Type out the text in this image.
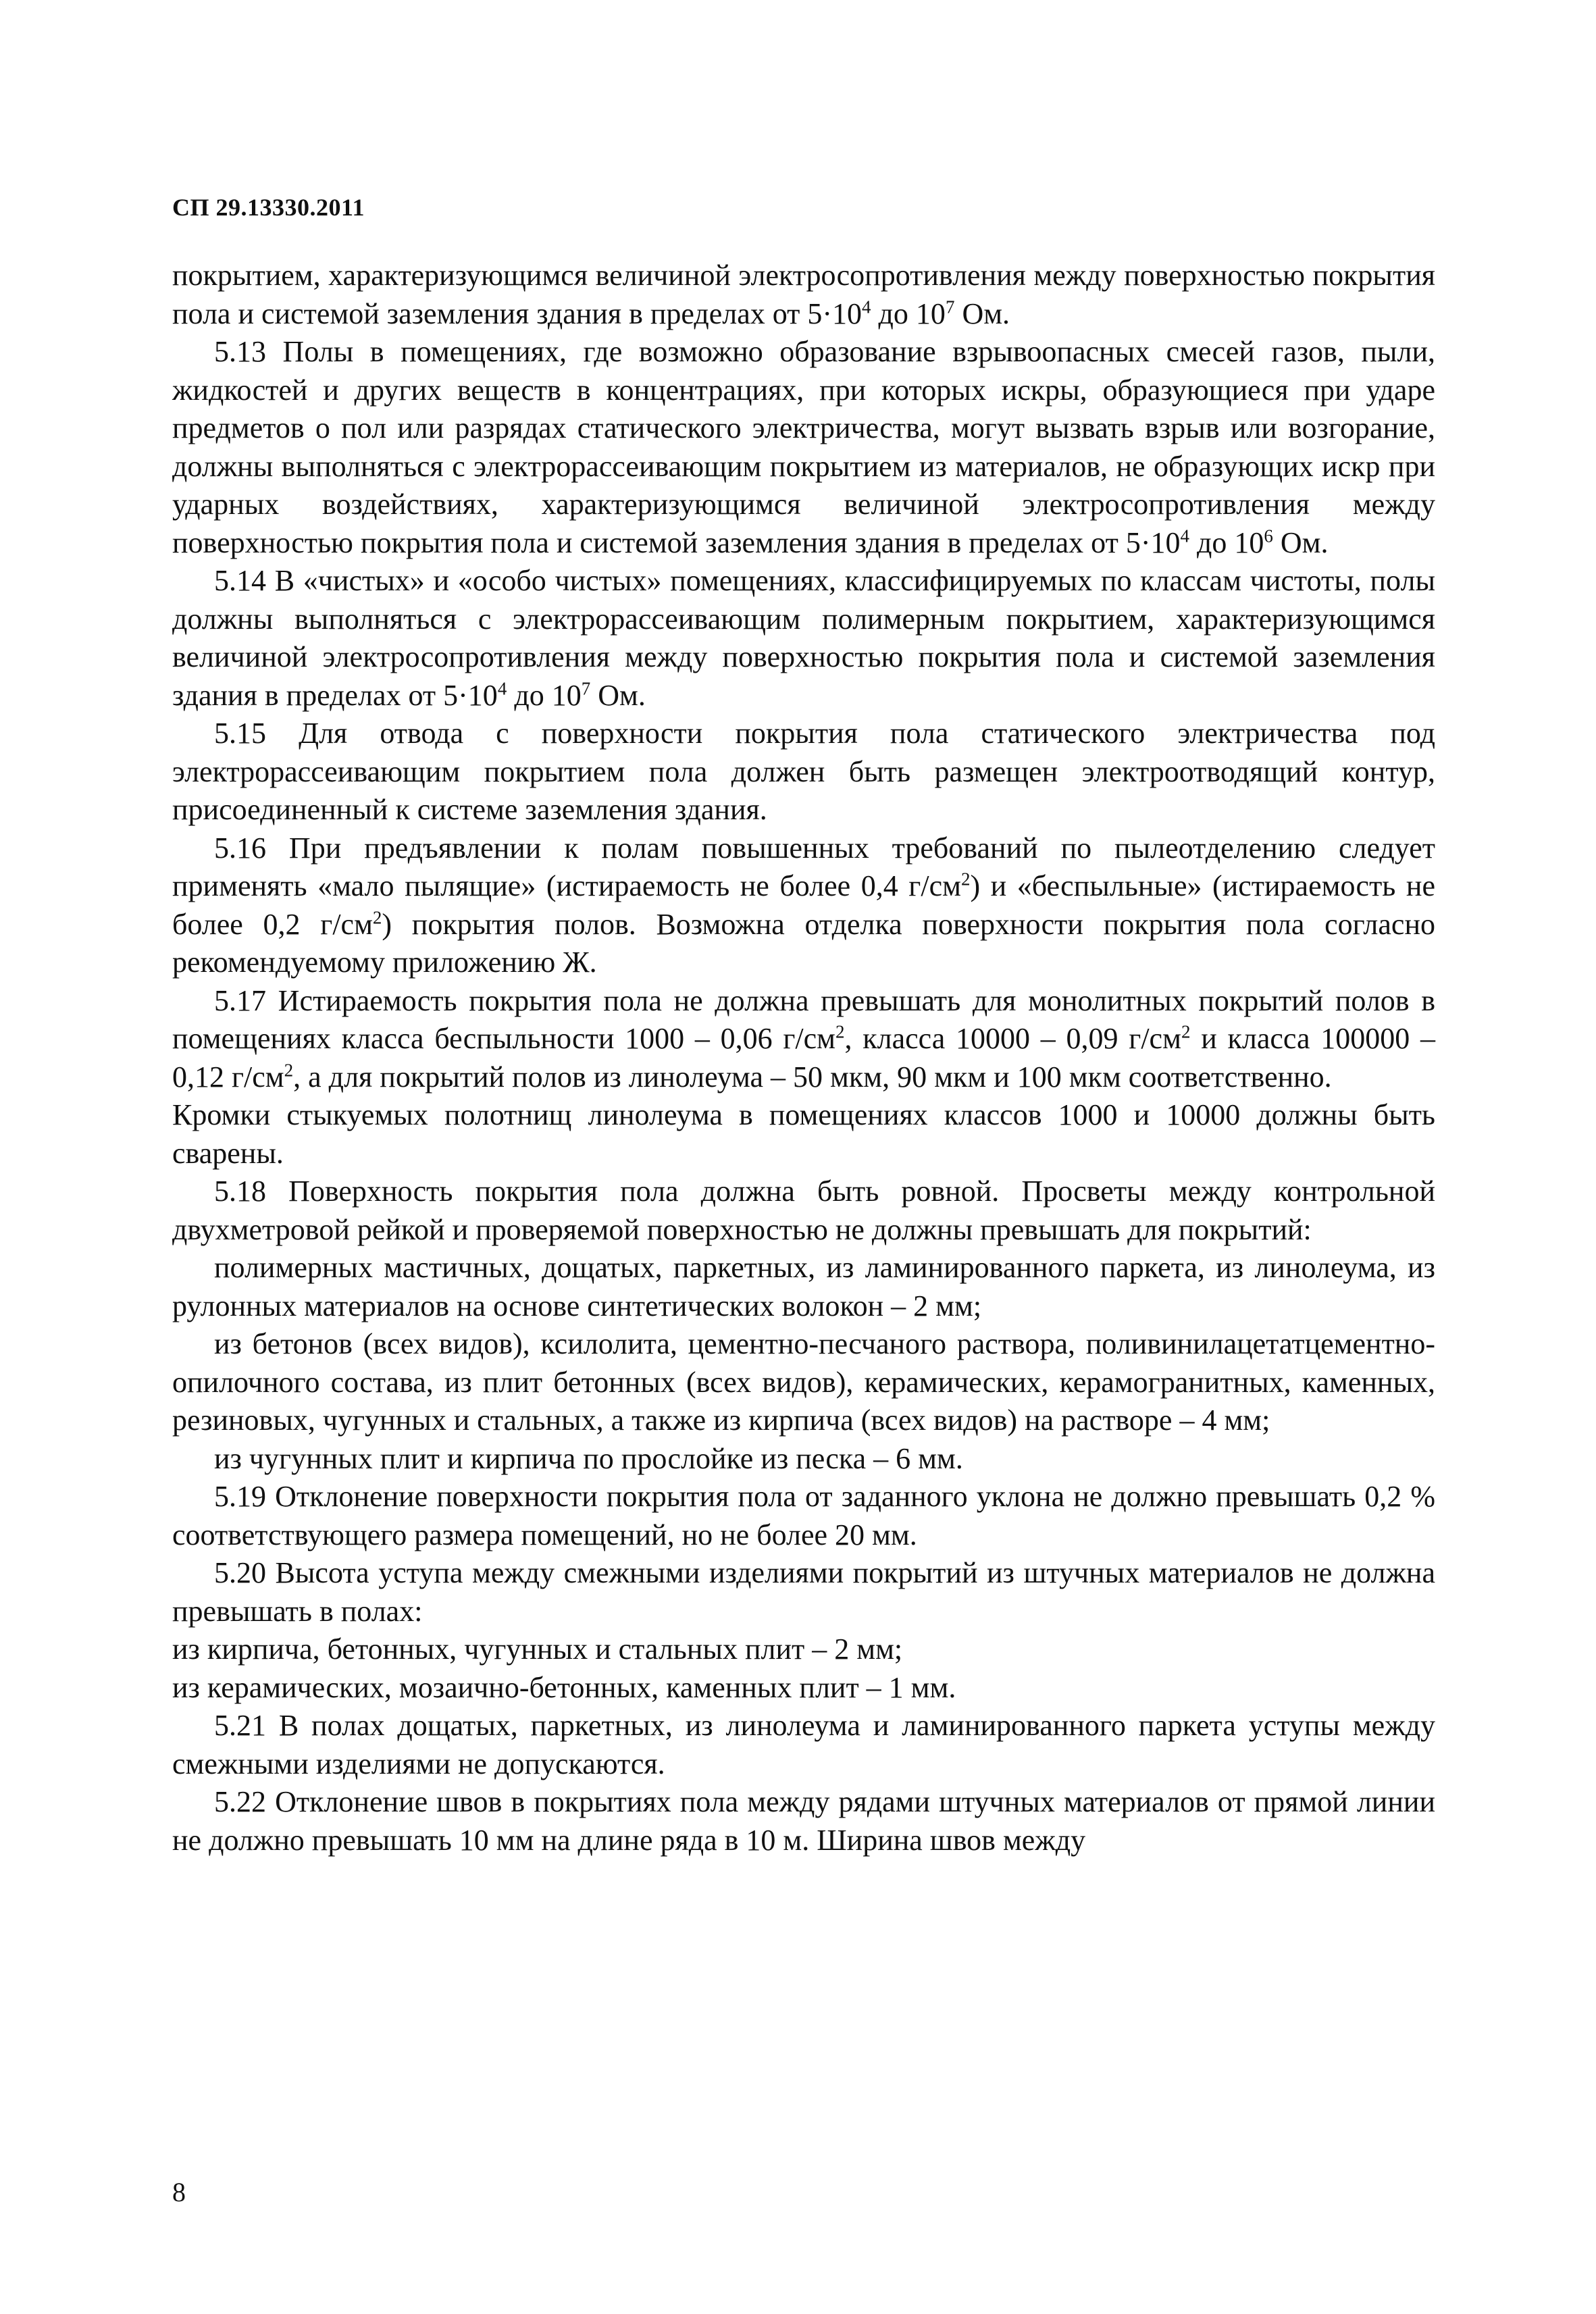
СП 29.13330.2011

покрытием, характеризующимся величиной электросопротивления между поверхностью покрытия пола и системой заземления здания в пределах от $5\cdot 10^4$ до $10^7$ Ом.

5.13 Полы в помещениях, где возможно образование взрывоопасных смесей газов, пыли, жидкостей и других веществ в концентрациях, при которых искры, образующиеся при ударе предметов о пол или разрядах статического электричества, могут вызвать взрыв или возгорание, должны выполняться с электрорассеивающим покрытием из материалов, не образующих искр при ударных воздействиях, характеризующимся величиной электросопротивления между поверхностью покрытия пола и системой заземления здания в пределах от $5\cdot 10^4$ до $10^6$ Ом.

5.14 В «чистых» и «особо чистых» помещениях, классифицируемых по классам чистоты, полы должны выполняться с электрорассеивающим полимерным покрытием, характеризующимся величиной электросопротивления между поверхностью покрытия пола и системой заземления здания в пределах от $5\cdot 10^4$ до $10^7$ Ом.

5.15 Для отвода с поверхности покрытия пола статического электричества под электрорассеивающим покрытием пола должен быть размещен электроотводящий контур, присоединенный к системе заземления здания.

5.16 При предъявлении к полам повышенных требований по пылеотделению следует применять «мало пылящие» (истираемость не более 0,4 $г/см^2$) и «беспыльные» (истираемость не более 0,2 $г/см^2$) покрытия полов. Возможна отделка поверхности покрытия пола согласно рекомендуемому приложению Ж.

5.17 Истираемость покрытия пола не должна превышать для монолитных покрытий полов в помещениях класса беспыльности 1000 – 0,06 $г/см^2$, класса 10000 – 0,09 $г/см^2$ и класса 100000 – 0,12 $г/см^2$, а для покрытий полов из линолеума – 50 мкм, 90 мкм и 100 мкм соответственно.

Кромки стыкуемых полотнищ линолеума в помещениях классов 1000 и 10000 должны быть сварены.

5.18 Поверхность покрытия пола должна быть ровной. Просветы между контрольной двухметровой рейкой и проверяемой поверхностью не должны превышать для покрытий:

полимерных мастичных, дощатых, паркетных, из ламинированного паркета, из линолеума, из рулонных материалов на основе синтетических волокон – 2 мм;

из бетонов (всех видов), ксилолита, цементно-песчаного раствора, поливинилацетатцементно-опилочного состава, из плит бетонных (всех видов), керамических, керамогранитных, каменных, резиновых, чугунных и стальных, а также из кирпича (всех видов) на растворе – 4 мм;

из чугунных плит и кирпича по прослойке из песка – 6 мм.

5.19 Отклонение поверхности покрытия пола от заданного уклона не должно превышать 0,2 % соответствующего размера помещений, но не более 20 мм.

5.20 Высота уступа между смежными изделиями покрытий из штучных материалов не должна превышать в полах:

из кирпича, бетонных, чугунных и стальных плит – 2 мм;

из керамических, мозаично-бетонных, каменных плит – 1 мм.

5.21 В полах дощатых, паркетных, из линолеума и ламинированного паркета уступы между смежными изделиями не допускаются.

5.22 Отклонение швов в покрытиях пола между рядами штучных материалов от прямой линии не должно превышать 10 мм на длине ряда в 10 м. Ширина швов между

8
